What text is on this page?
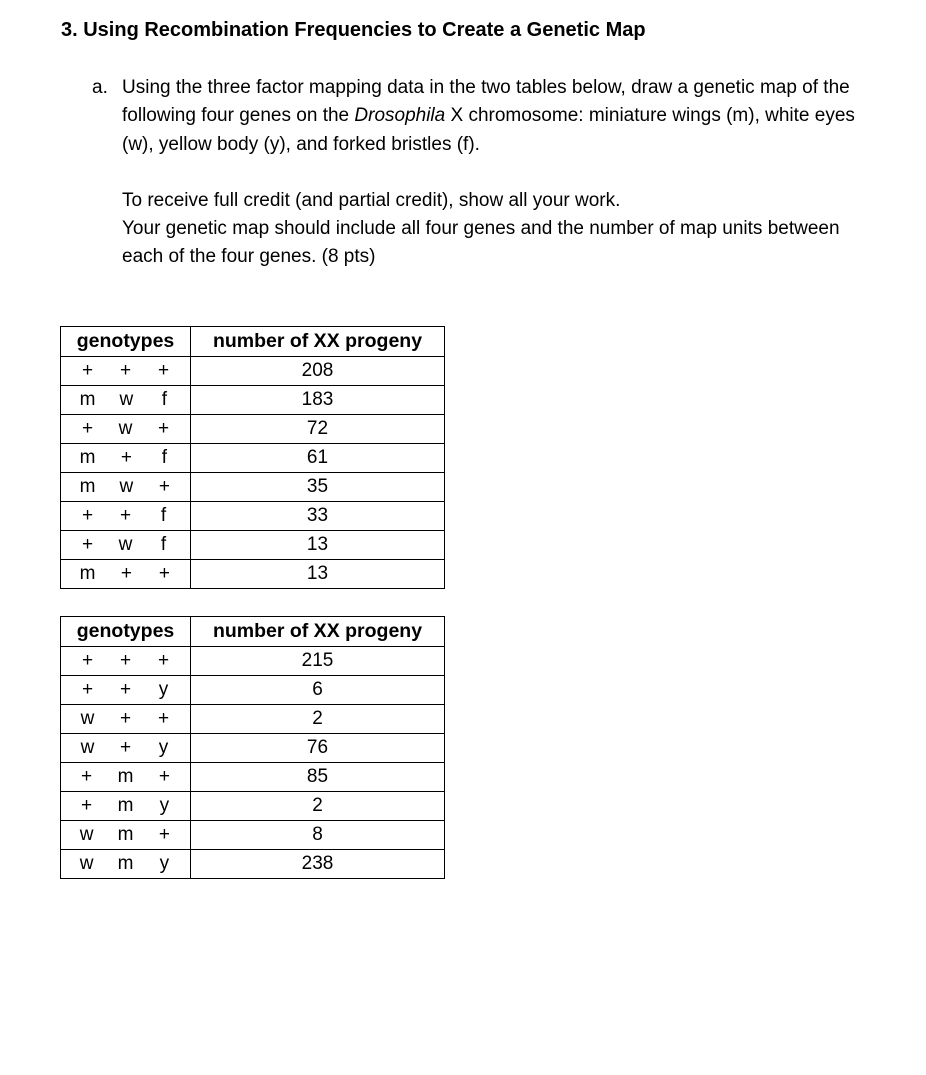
3. Using Recombination Frequencies to Create a Genetic Map
a. Using the three factor mapping data in the two tables below, draw a genetic map of the following four genes on the Drosophila X chromosome: miniature wings (m), white eyes (w), yellow body (y), and forked bristles (f).

To receive full credit (and partial credit), show all your work.

Your genetic map should include all four genes and the number of map units between each of the four genes. (8 pts)

genotypes	number of XX progeny

+ + +	208

m w f	183

+ w +	72

m + f	61

m w +	35

+ + f	33

+ w f	13

m + +	13
genotypes	number of XX progeny

+ + +	215

+ + y	6

w + +	2

w + y	76

+ m +	85

+ m y	2

w m +	8

w m y	238
